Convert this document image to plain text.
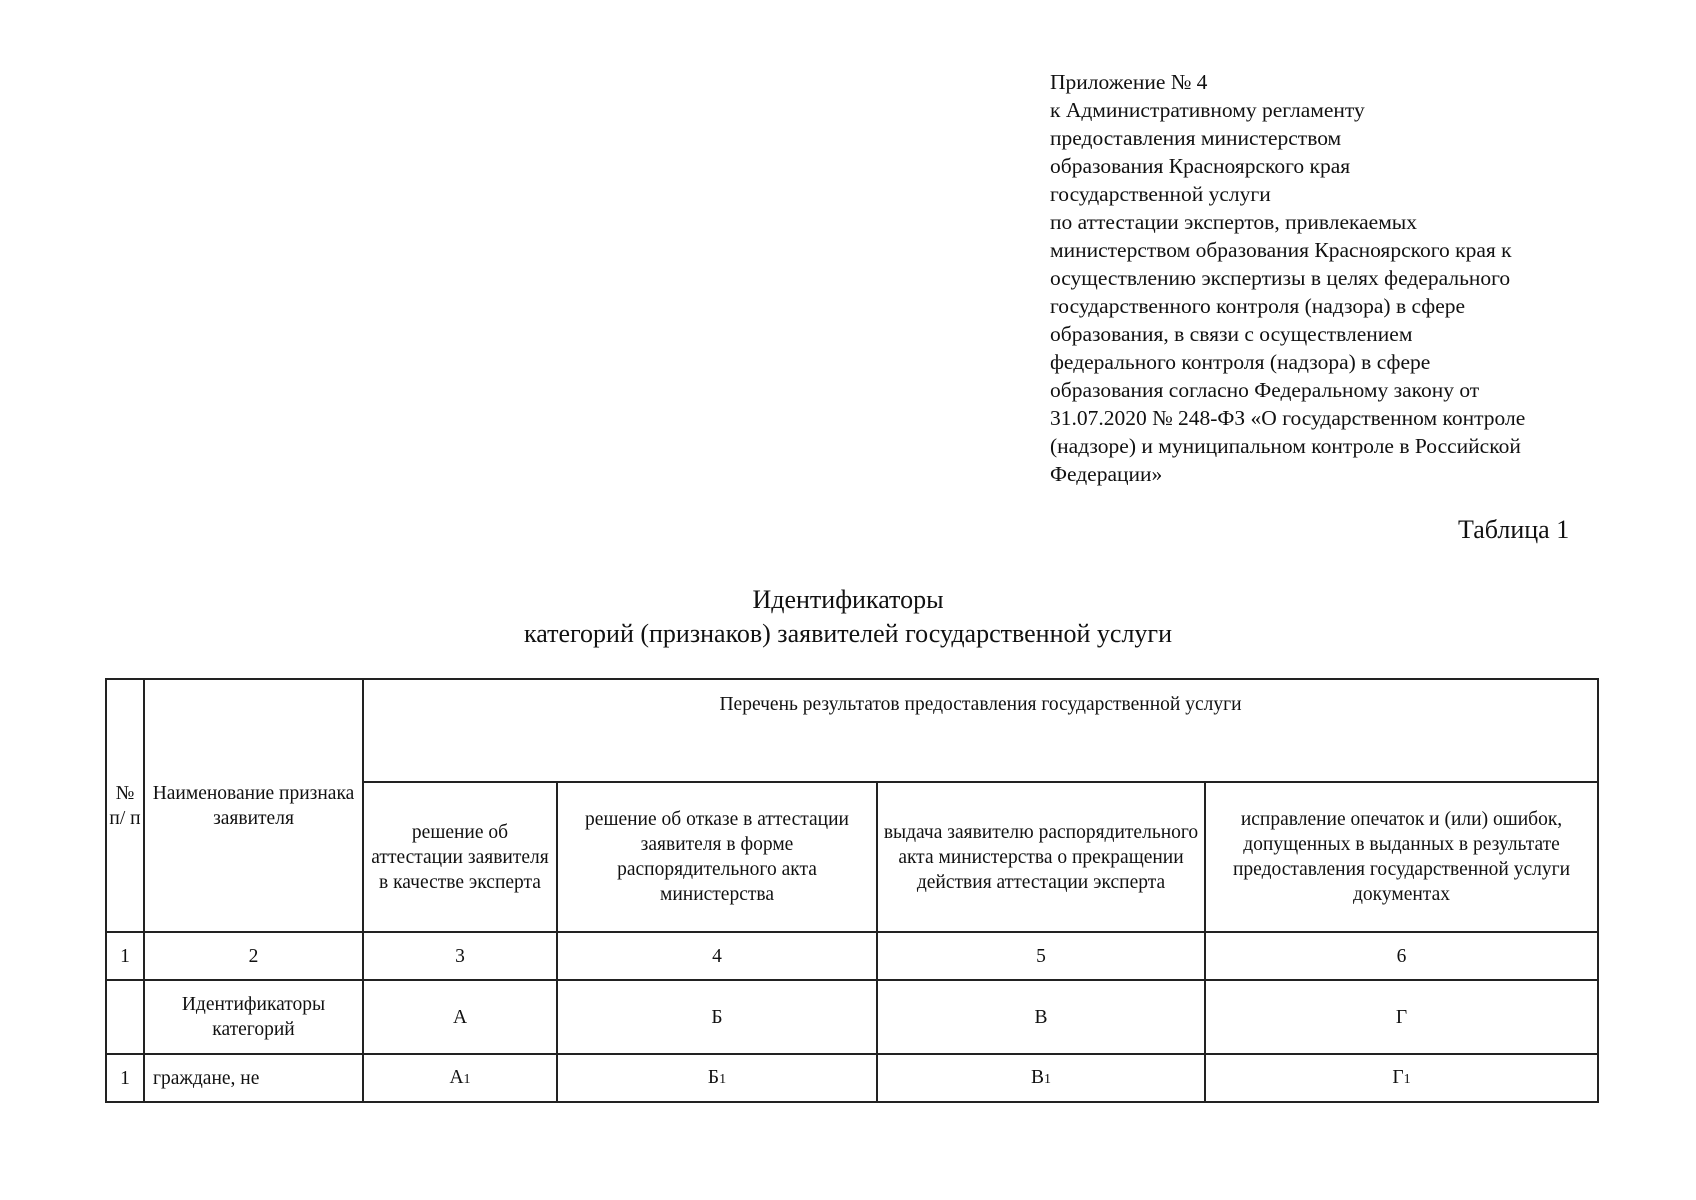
Приложение № 4
к Административному регламенту
предоставления министерством
образования Красноярского края
государственной услуги
по аттестации экспертов, привлекаемых
министерством образования Красноярского края к
осуществлению экспертизы в целях федерального
государственного контроля (надзора) в сфере
образования, в связи с осуществлением
федерального контроля (надзора) в сфере
образования согласно Федеральному закону от
31.07.2020 № 248-ФЗ «О государственном контроле
(надзоре) и муниципальном контроле в Российской
Федерации»
Таблица 1
Идентификаторы
категорий (признаков) заявителей государственной услуги
№ п/ п	Наименование признака заявителя	Перечень результатов предоставления государственной услуги			
		решение об аттестации заявителя в качестве эксперта	решение об отказе в аттестации заявителя в форме распорядительного акта министерства	выдача заявителю распорядительного акта министерства о прекращении действия аттестации эксперта	исправление опечаток и (или) ошибок, допущенных в выданных в результате предоставления государственной услуги документах
1	2	3	4	5	6
	Идентификаторы категорий	А	Б	В	Г
1	граждане, не	А1	Б1	В1	Г1
